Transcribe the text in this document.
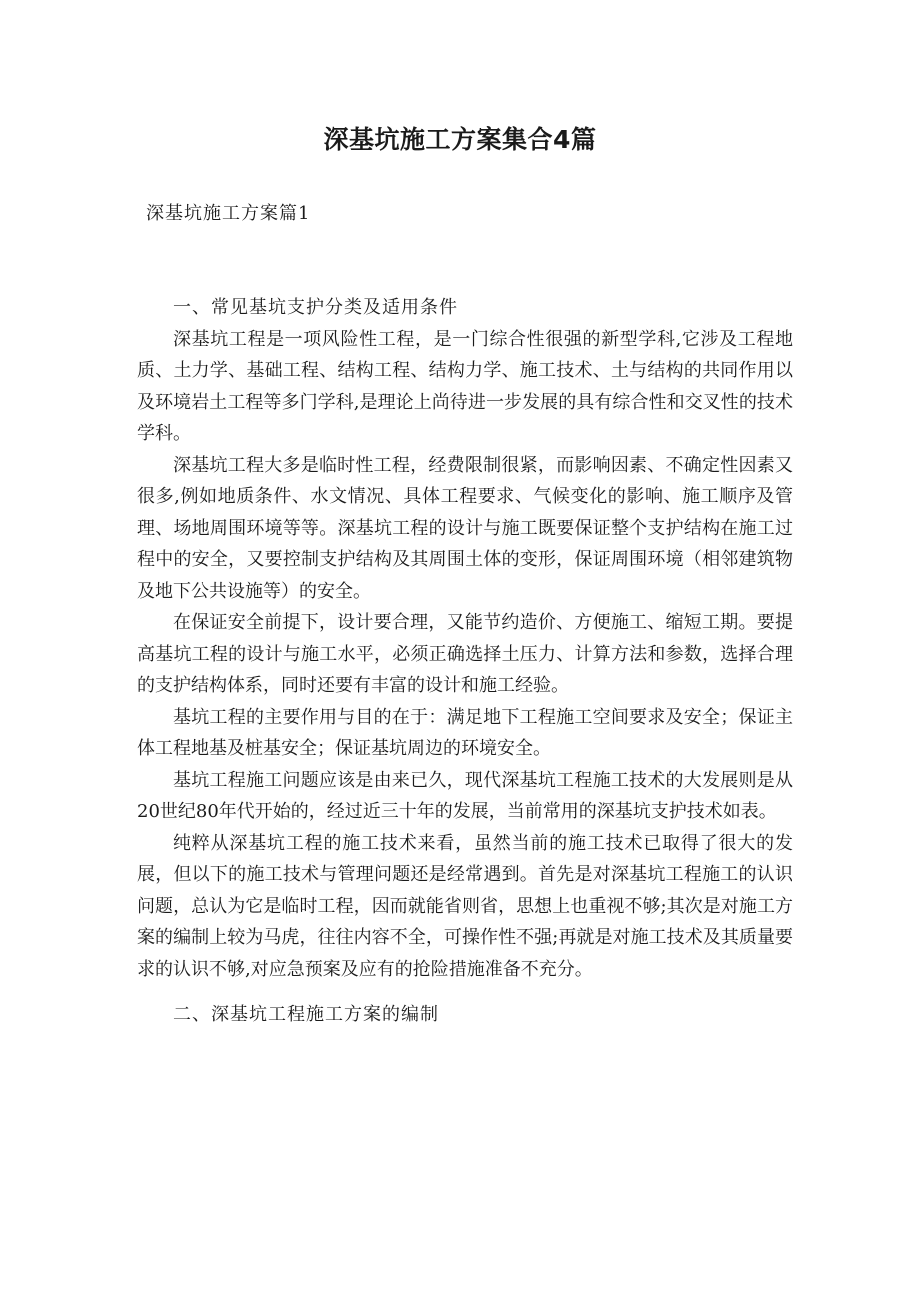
深基坑施工方案集合4篇
深基坑施工方案篇1
一、常见基坑支护分类及适用条件

深基坑工程是一项风险性工程，是一门综合性很强的新型学科,它涉及工程地质、土力学、基础工程、结构工程、结构力学、施工技术、土与结构的共同作用以及环境岩土工程等多门学科,是理论上尚待进一步发展的具有综合性和交叉性的技术学科。

深基坑工程大多是临时性工程，经费限制很紧，而影响因素、不确定性因素又很多,例如地质条件、水文情况、具体工程要求、气候变化的影响、施工顺序及管理、场地周围环境等等。深基坑工程的设计与施工既要保证整个支护结构在施工过程中的安全，又要控制支护结构及其周围土体的变形，保证周围环境（相邻建筑物及地下公共设施等）的安全。

在保证安全前提下，设计要合理，又能节约造价、方便施工、缩短工期。要提高基坑工程的设计与施工水平，必须正确选择土压力、计算方法和参数，选择合理的支护结构体系，同时还要有丰富的设计和施工经验。

基坑工程的主要作用与目的在于：满足地下工程施工空间要求及安全；保证主体工程地基及桩基安全；保证基坑周边的环境安全。

基坑工程施工问题应该是由来已久，现代深基坑工程施工技术的大发展则是从20世纪80年代开始的，经过近三十年的发展，当前常用的深基坑支护技术如表。

纯粹从深基坑工程的施工技术来看，虽然当前的施工技术已取得了很大的发展，但以下的施工技术与管理问题还是经常遇到。首先是对深基坑工程施工的认识问题，总认为它是临时工程，因而就能省则省，思想上也重视不够;其次是对施工方案的编制上较为马虎，往往内容不全，可操作性不强;再就是对施工技术及其质量要求的认识不够,对应急预案及应有的抢险措施准备不充分。

二、深基坑工程施工方案的编制
